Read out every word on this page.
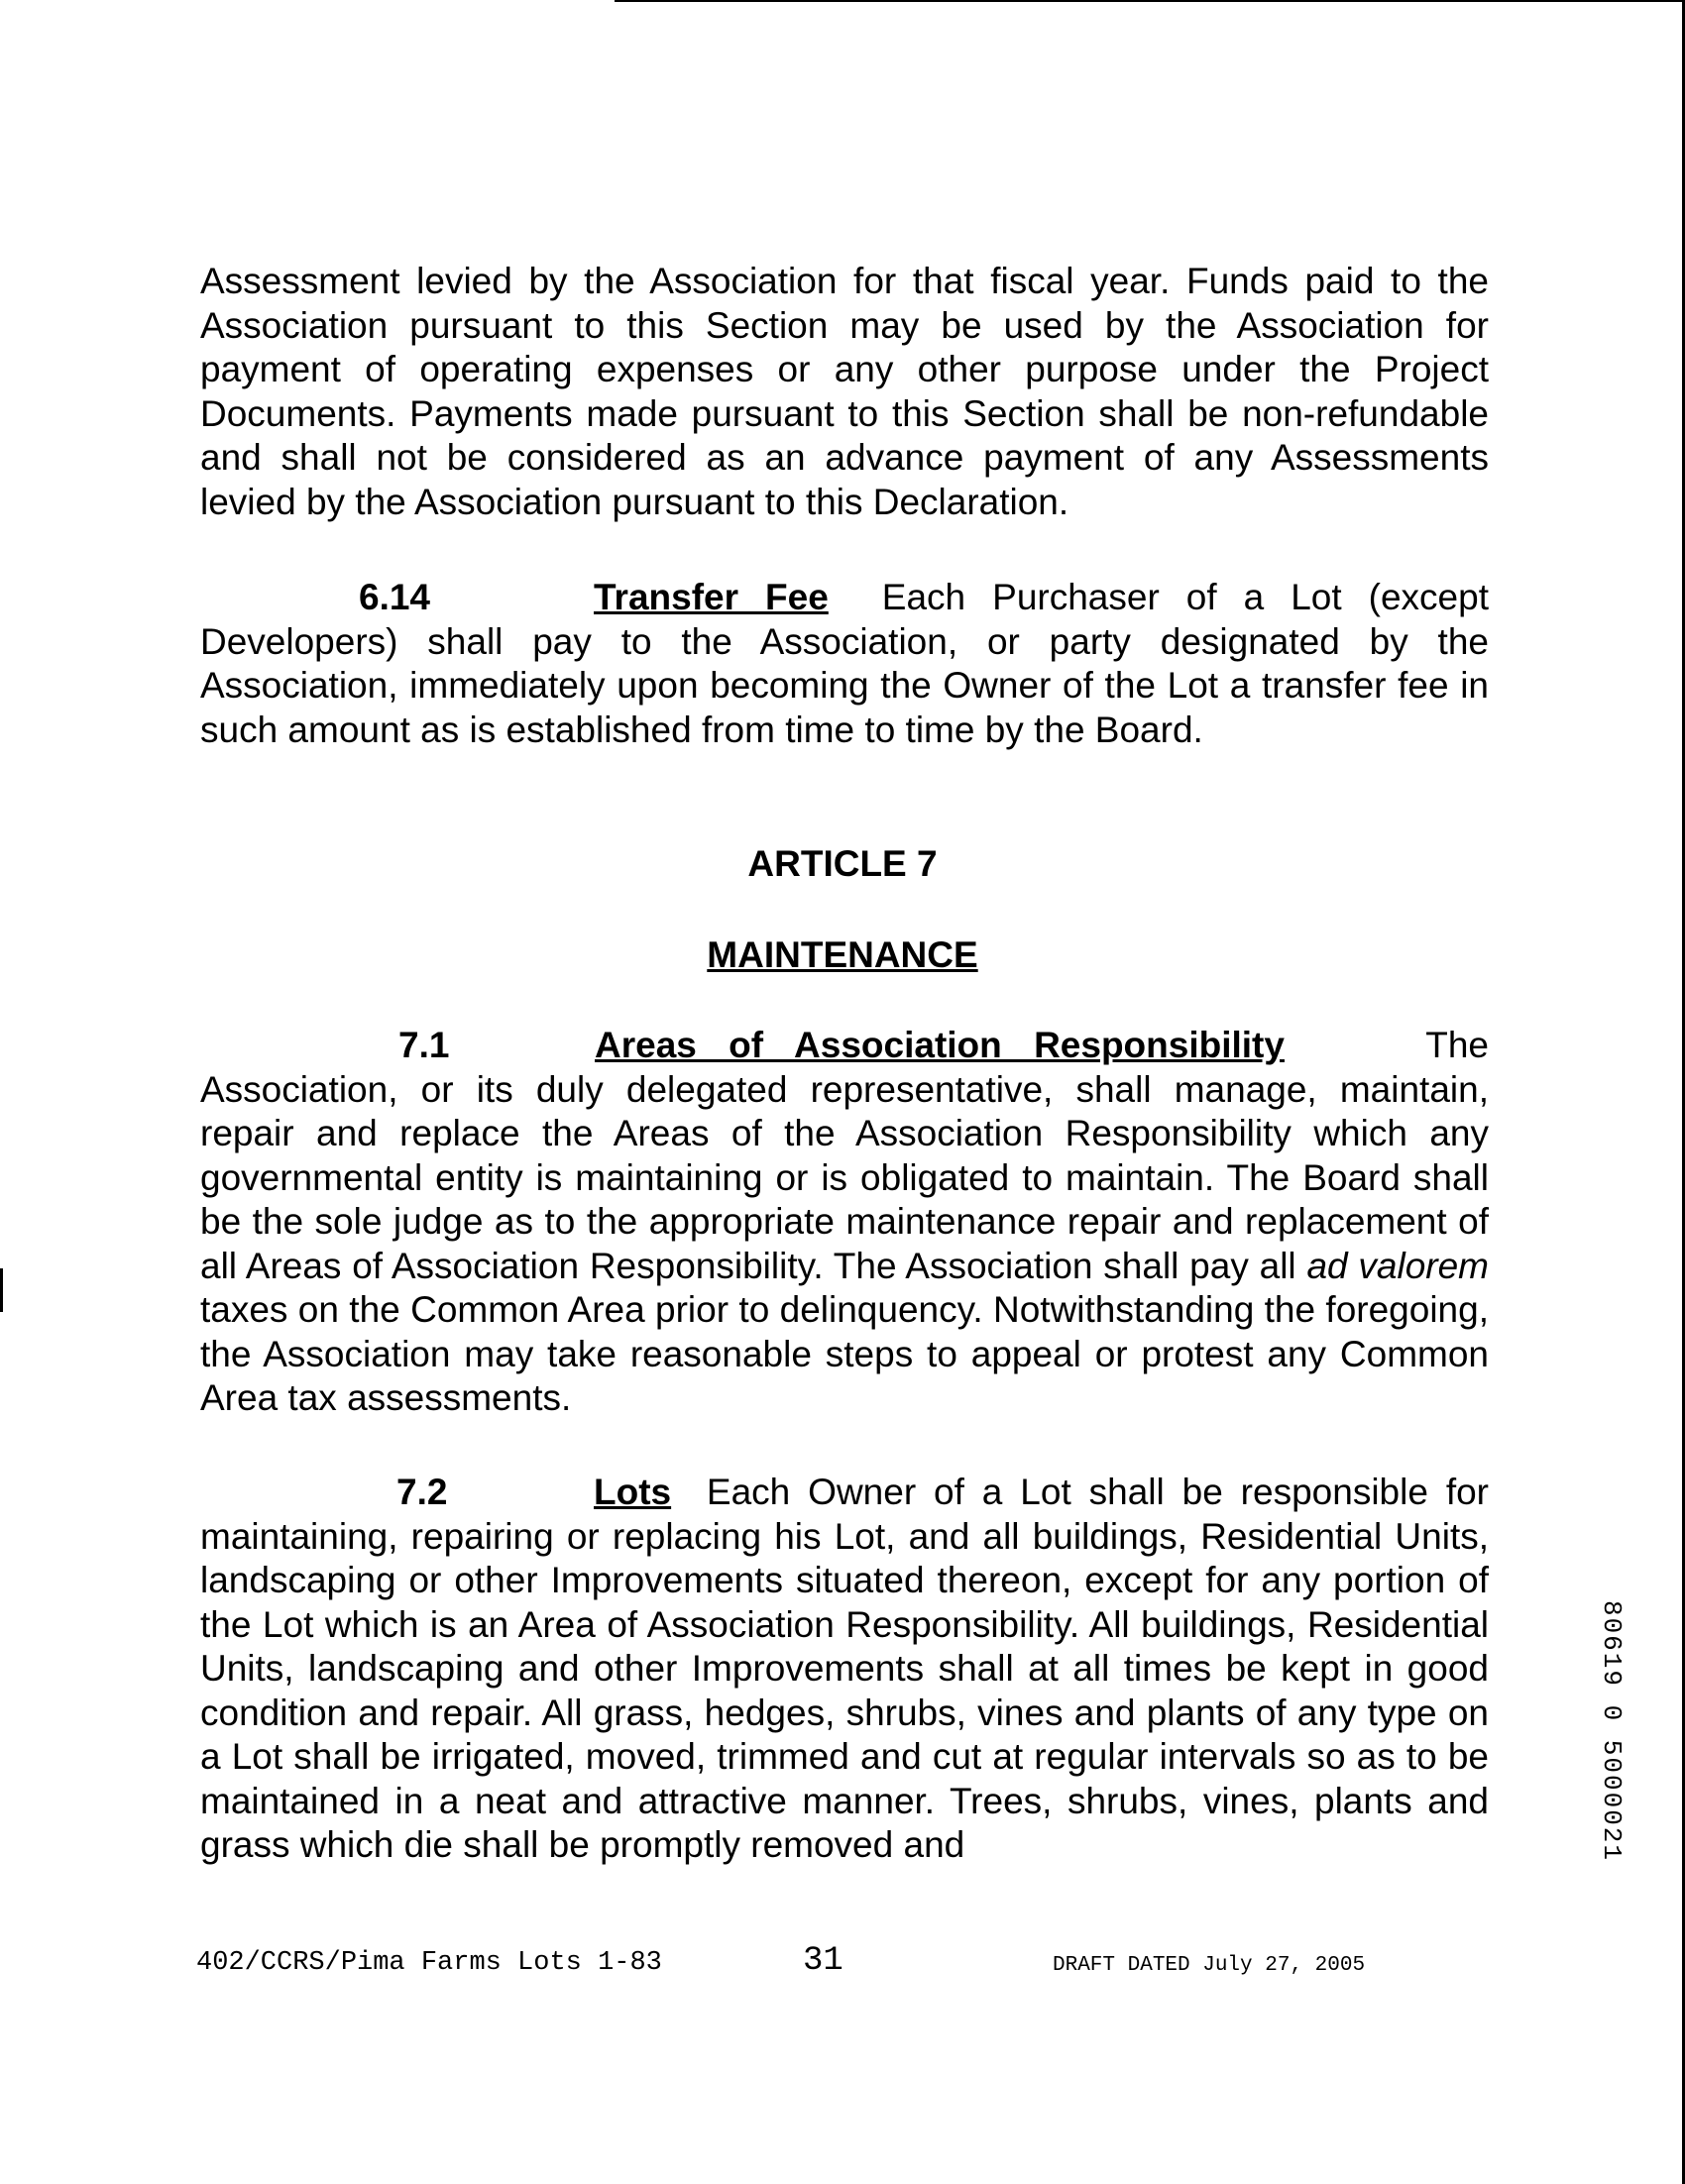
Assessment levied by the Association for that fiscal year. Funds paid to the Association pursuant to this Section may be used by the Association for payment of operating expenses or any other purpose under the Project Documents. Payments made pursuant to this Section shall be non-refundable and shall not be considered as an advance payment of any Assessments levied by the Association pursuant to this Declaration.

6.14	Transfer Fee Each Purchaser of a Lot (except Developers) shall pay to the Association, or party designated by the Association, immediately upon becoming the Owner of the Lot a transfer fee in such amount as is established from time to time by the Board.

ARTICLE 7
MAINTENANCE

7.1	Areas of Association Responsibility	The Association, or its duly delegated representative, shall manage, maintain, repair and replace the Areas of the Association Responsibility which any governmental entity is maintaining or is obligated to maintain. The Board shall be the sole judge as to the appropriate maintenance repair and replacement of all Areas of Association Responsibility. The Association shall pay all ad valorem taxes on the Common Area prior to delinquency. Notwithstanding the foregoing, the Association may take reasonable steps to appeal or protest any Common Area tax assessments.

7.2	Lots Each Owner of a Lot shall be responsible for maintaining, repairing or replacing his Lot, and all buildings, Residential Units, landscaping or other Improvements situated thereon, except for any portion of the Lot which is an Area of Association Responsibility. All buildings, Residential Units, landscaping and other Improvements shall at all times be kept in good condition and repair. All grass, hedges, shrubs, vines and plants of any type on a Lot shall be irrigated, moved, trimmed and cut at regular intervals so as to be maintained in a neat and attractive manner. Trees, shrubs, vines, plants and grass which die shall be promptly removed and

402/CCRS/Pima Farms Lots 1-83	31	DRAFT DATED July 27, 2005
80619 0 5000021
